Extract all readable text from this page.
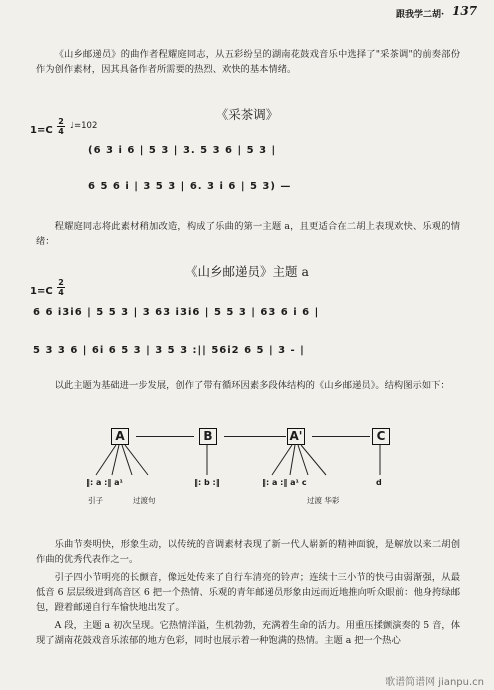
跟我学二胡· 137
《山乡邮递员》的曲作者程耀庭同志，从五彩纷呈的湖南花鼓戏音乐中选择了"采茶调"的前奏部份作为创作素材，因其具备作者所需要的热烈、欢快的基本情绪。
《采茶调》
1=C
2
4
♩=102
(6 3 i 6 | 5 3 | 3. 5 3 6 | 5 3 |
6 5 6 i | 3 5 3 | 6. 3 i 6 | 5 3) —
程耀庭同志将此素材稍加改造，构成了乐曲的第一主题 a，且更适合在二胡上表现欢快、乐观的情绪：
《山乡邮递员》主题 a
1=C
2
4
6 6 i3i6 | 5 5 3 | 3 63 i3i6 | 5 5 3 | 63 6 i 6 |
5 3 3 6 | 6i 6 5 3 | 3 5 3 :|| 56i2 6 5 | 3 - |
以此主题为基础进一步发展，创作了带有循环因素多段体结构的《山乡邮递员》。结构图示如下：
A	B	A'	C
‖: a :‖ a¹	‖: b :‖	‖: a :‖ a¹ c	d
引子	过渡句	过渡 华彩
乐曲节奏明快，形象生动，以传统的音调素材表现了新一代人崭新的精神面貌，是解放以来二胡创作曲的优秀代表作之一。
引子四小节明亮的长颤音，像远处传来了自行车清亮的铃声；连续十三小节的快弓由弱渐强，从最低音 6 层层级进到高音区 6 把一个热情、乐观的青年邮递员形象由远而近地推向听众眼前：他身挎绿邮包，蹬着邮递自行车愉快地出发了。
A 段，主题 a 初次呈现。它热情洋溢，生机勃勃，充满着生命的活力。用重压揉颤演奏的 5 音，体现了湖南花鼓戏音乐浓郁的地方色彩，同时也展示着一种饱满的热情。主题 a 把一个热心
歌谱简谱网 jianpu.cn
